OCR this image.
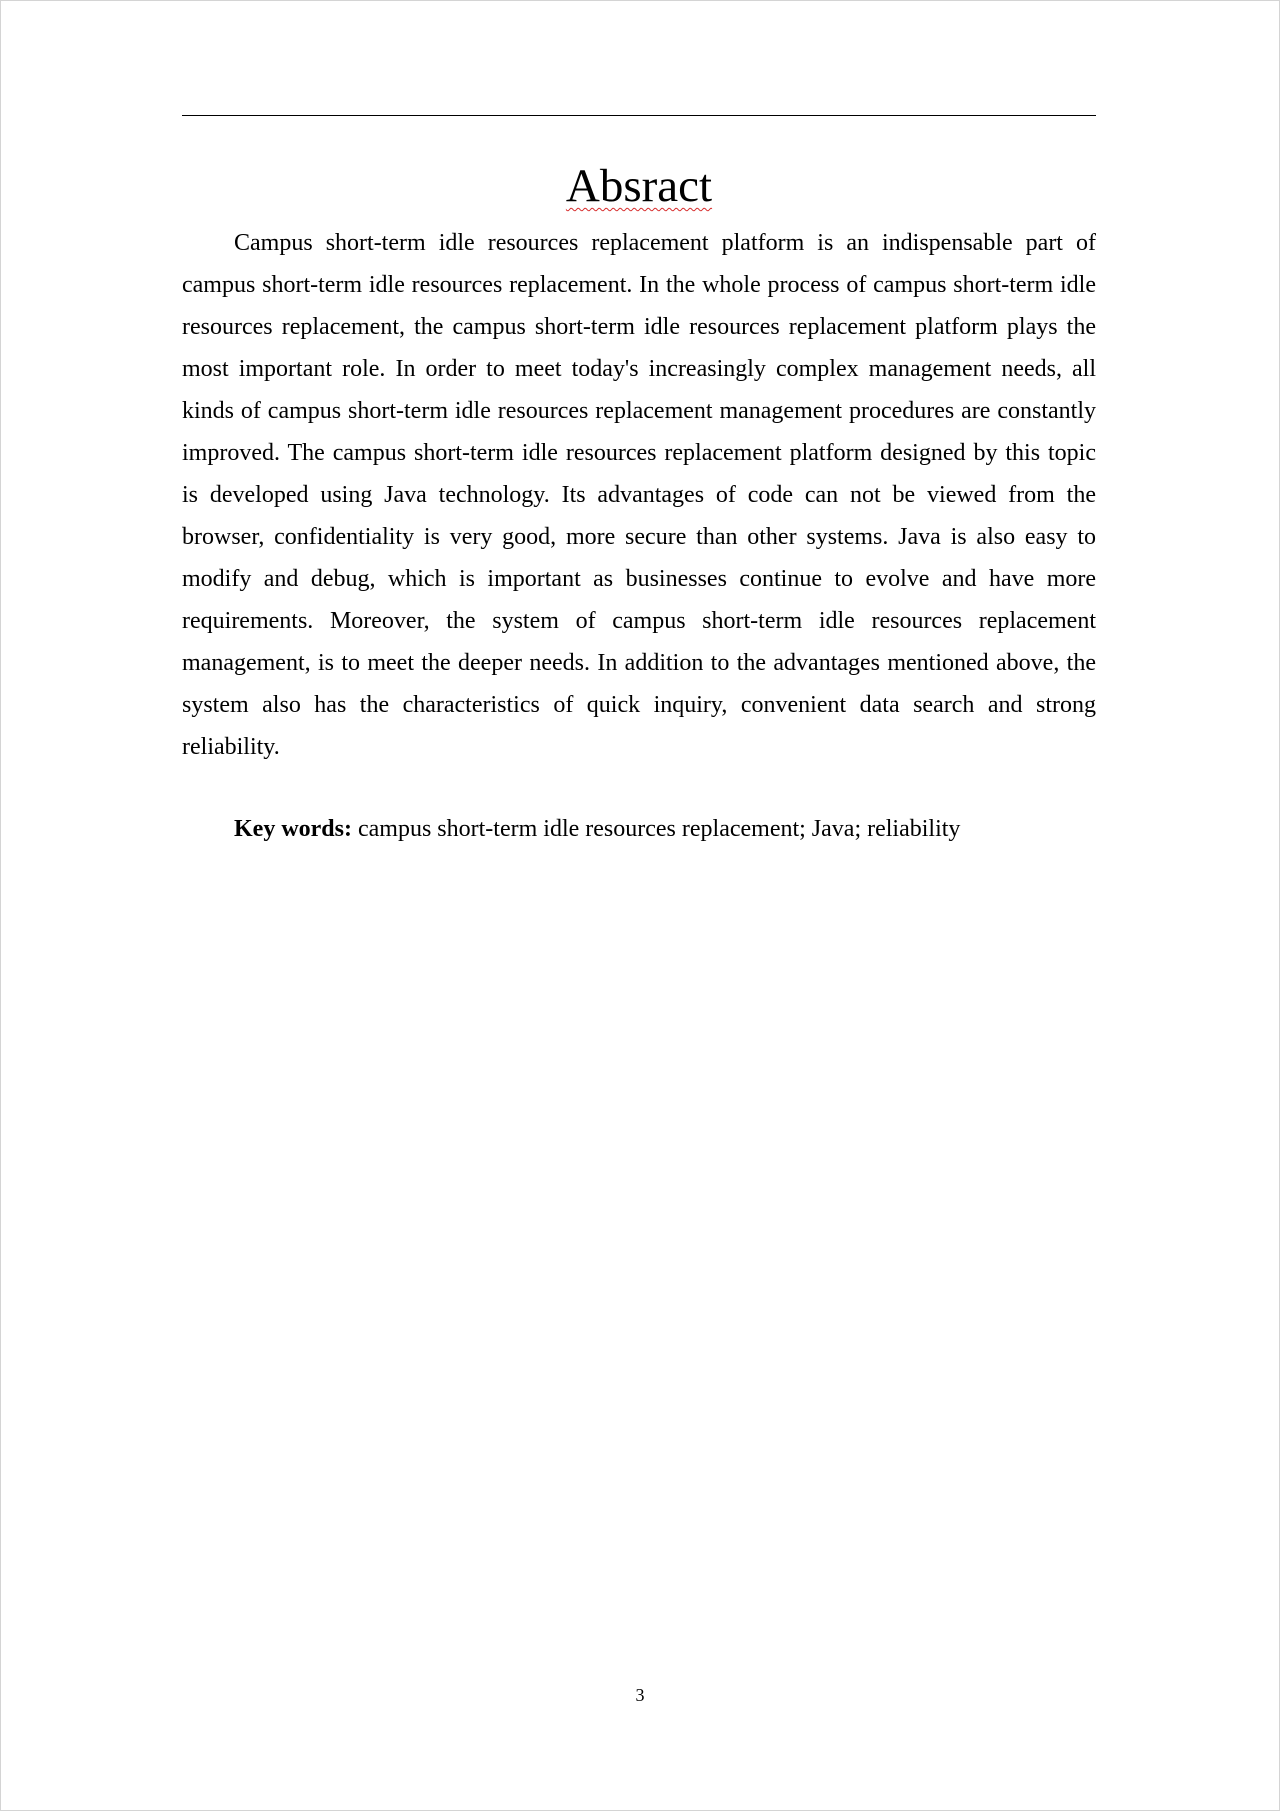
Absract

Campus short-term idle resources replacement platform is an indispensable part of campus short-term idle resources replacement. In the whole process of campus short-term idle resources replacement, the campus short-term idle resources replacement platform plays the most important role. In order to meet today's increasingly complex management needs, all kinds of campus short-term idle resources replacement management procedures are constantly improved. The campus short-term idle resources replacement platform designed by this topic is developed using Java technology. Its advantages of code can not be viewed from the browser, confidentiality is very good, more secure than other systems. Java is also easy to modify and debug, which is important as businesses continue to evolve and have more requirements. Moreover, the system of campus short-term idle resources replacement management, is to meet the deeper needs. In addition to the advantages mentioned above, the system also has the characteristics of quick inquiry, convenient data search and strong reliability.

Key words: campus short-term idle resources replacement; Java; reliability

3
